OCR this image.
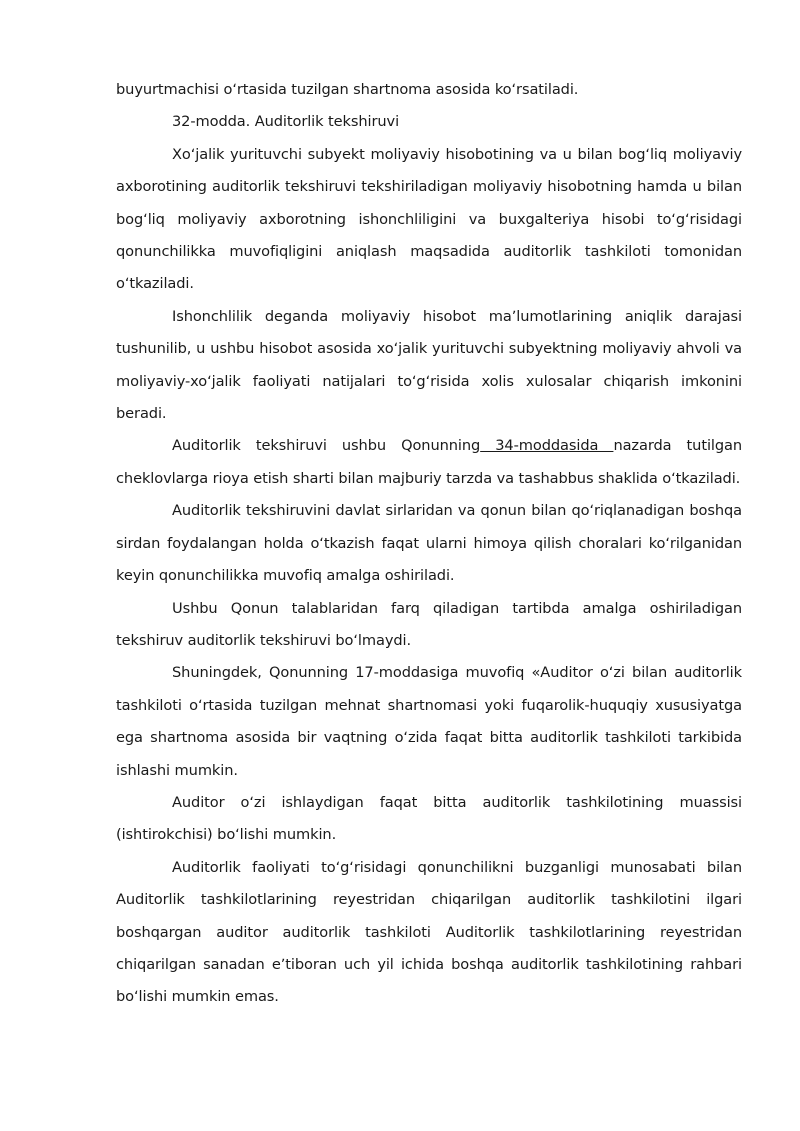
buyurtmachisi oʻrtasida tuzilgan shartnoma asosida koʻrsatiladi.

32-modda. Auditorlik tekshiruvi

Xoʻjalik yurituvchi subyekt moliyaviy hisobotining va u bilan bogʻliq moliyaviy axborotining auditorlik tekshiruvi tekshiriladigan moliyaviy hisobotning hamda u bilan bogʻliq moliyaviy axborotning ishonchliligini va buxgalteriya hisobi toʻgʻrisidagi qonunchilikka muvofiqligini aniqlash maqsadida auditorlik tashkiloti tomonidan oʻtkaziladi.

Ishonchlilik deganda moliyaviy hisobot maʼlumotlarining aniqlik darajasi tushunilib, u ushbu hisobot asosida xoʻjalik yurituvchi subyektning moliyaviy ahvoli va moliyaviy-xoʻjalik faoliyati natijalari toʻgʻrisida xolis xulosalar chiqarish imkonini beradi.

Auditorlik tekshiruvi ushbu Qonunning 34-moddasida nazarda tutilgan cheklovlarga rioya etish sharti bilan majburiy tarzda va tashabbus shaklida oʻtkaziladi.

Auditorlik tekshiruvini davlat sirlaridan va qonun bilan qoʻriqlanadigan boshqa sirdan foydalangan holda oʻtkazish faqat ularni himoya qilish choralari koʻrilganidan keyin qonunchilikka muvofiq amalga oshiriladi.

Ushbu Qonun talablaridan farq qiladigan tartibda amalga oshiriladigan tekshiruv auditorlik tekshiruvi boʻlmaydi.

Shuningdek, Qonunning 17-moddasiga muvofiq «Auditor oʻzi bilan auditorlik tashkiloti oʻrtasida tuzilgan mehnat shartnomasi yoki fuqarolik-huquqiy xususiyatga ega shartnoma asosida bir vaqtning oʻzida faqat bitta auditorlik tashkiloti tarkibida ishlashi mumkin.

Auditor oʻzi ishlaydigan faqat bitta auditorlik tashkilotining muassisi (ishtirokchisi) boʻlishi mumkin.

Auditorlik faoliyati toʻgʻrisidagi qonunchilikni buzganligi munosabati bilan Auditorlik tashkilotlarining reyestridan chiqarilgan auditorlik tashkilotini ilgari boshqargan auditor auditorlik tashkiloti Auditorlik tashkilotlarining reyestridan chiqarilgan sanadan eʼtiboran uch yil ichida boshqa auditorlik tashkilotining rahbari boʻlishi mumkin emas.
